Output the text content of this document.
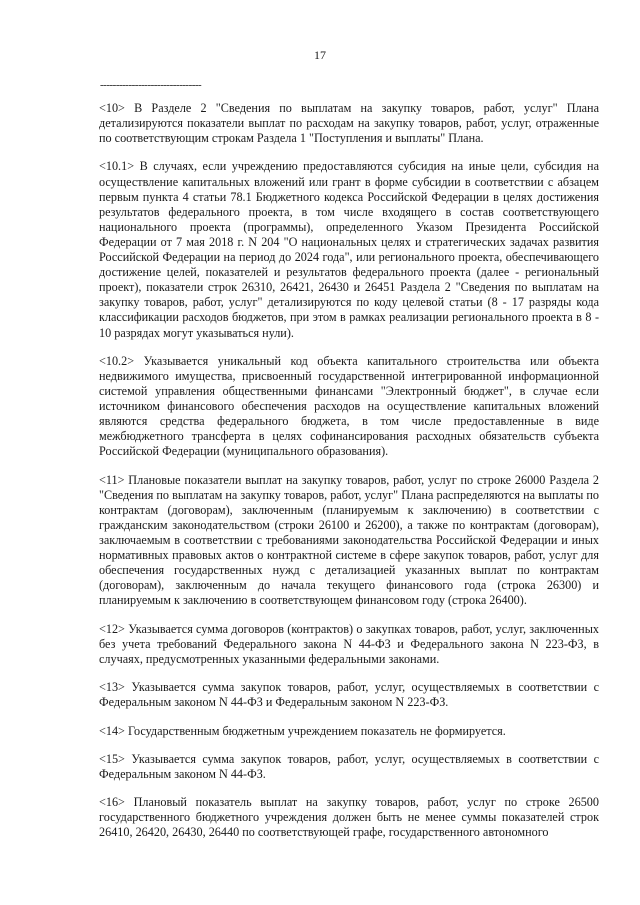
17
--------------------------------

<10> В Разделе 2 "Сведения по выплатам на закупку товаров, работ, услуг" Плана детализируются показатели выплат по расходам на закупку товаров, работ, услуг, отраженные по соответствующим строкам Раздела 1 "Поступления и выплаты" Плана.

<10.1> В случаях, если учреждению предоставляются субсидия на иные цели, субсидия на осуществление капитальных вложений или грант в форме субсидии в соответствии с абзацем первым пункта 4 статьи 78.1 Бюджетного кодекса Российской Федерации в целях достижения результатов федерального проекта, в том числе входящего в состав соответствующего национального проекта (программы), определенного Указом Президента Российской Федерации от 7 мая 2018 г. N 204 "О национальных целях и стратегических задачах развития Российской Федерации на период до 2024 года", или регионального проекта, обеспечивающего достижение целей, показателей и результатов федерального проекта (далее - региональный проект), показатели строк 26310, 26421, 26430 и 26451 Раздела 2 "Сведения по выплатам на закупку товаров, работ, услуг" детализируются по коду целевой статьи (8 - 17 разряды кода классификации расходов бюджетов, при этом в рамках реализации регионального проекта в 8 - 10 разрядах могут указываться нули).

<10.2> Указывается уникальный код объекта капитального строительства или объекта недвижимого имущества, присвоенный государственной интегрированной информационной системой управления общественными финансами "Электронный бюджет", в случае если источником финансового обеспечения расходов на осуществление капитальных вложений являются средства федерального бюджета, в том числе предоставленные в виде межбюджетного трансферта в целях софинансирования расходных обязательств субъекта Российской Федерации (муниципального образования).

<11> Плановые показатели выплат на закупку товаров, работ, услуг по строке 26000 Раздела 2 "Сведения по выплатам на закупку товаров, работ, услуг" Плана распределяются на выплаты по контрактам (договорам), заключенным (планируемым к заключению) в соответствии с гражданским законодательством (строки 26100 и 26200), а также по контрактам (договорам), заключаемым в соответствии с требованиями законодательства Российской Федерации и иных нормативных правовых актов о контрактной системе в сфере закупок товаров, работ, услуг для обеспечения государственных нужд с детализацией указанных выплат по контрактам (договорам), заключенным до начала текущего финансового года (строка 26300) и планируемым к заключению в соответствующем финансовом году (строка 26400).

<12> Указывается сумма договоров (контрактов) о закупках товаров, работ, услуг, заключенных без учета требований Федерального закона N 44-ФЗ и Федерального закона N 223-ФЗ, в случаях, предусмотренных указанными федеральными законами.

<13> Указывается сумма закупок товаров, работ, услуг, осуществляемых в соответствии с Федеральным законом N 44-ФЗ и Федеральным законом N 223-ФЗ.

<14> Государственным бюджетным учреждением показатель не формируется.

<15> Указывается сумма закупок товаров, работ, услуг, осуществляемых в соответствии с Федеральным законом N 44-ФЗ.

<16> Плановый показатель выплат на закупку товаров, работ, услуг по строке 26500 государственного бюджетного учреждения должен быть не менее суммы показателей строк 26410, 26420, 26430, 26440 по соответствующей графе, государственного автономного
